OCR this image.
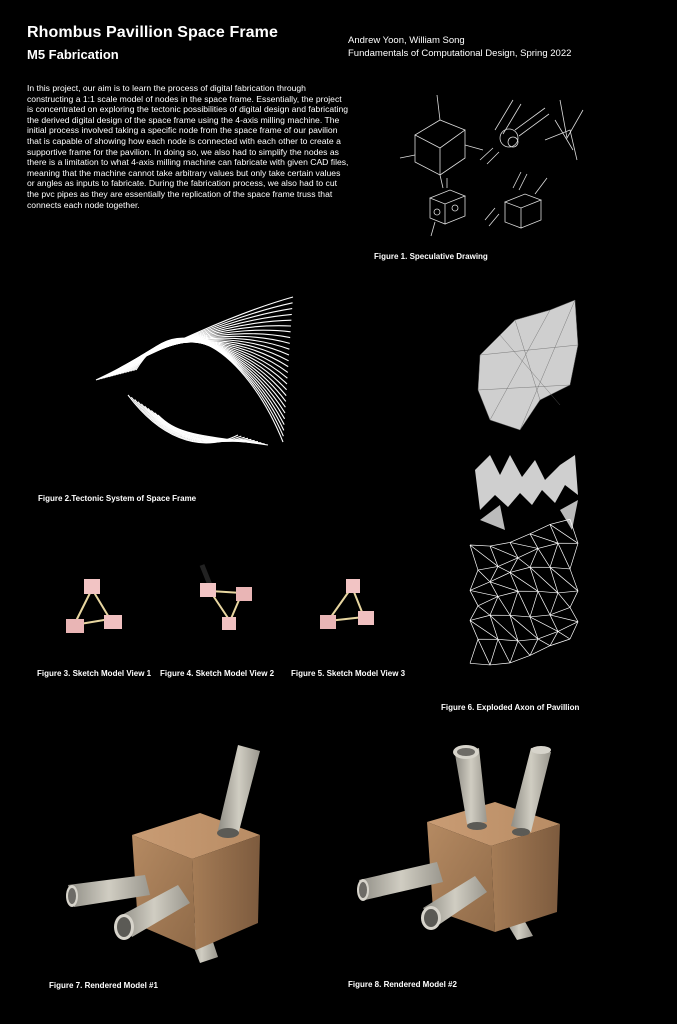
Rhombus Pavillion Space Frame
M5 Fabrication
Andrew Yoon, William Song
Fundamentals of Computational Design, Spring 2022
In this project, our aim is to learn the process of digital fabrication through constructing a 1:1 scale model of nodes in the space frame. Essentially, the project is concentrated on exploring the tectonic possibilities of digital design and fabricating the derived digital design of the space frame using the 4-axis milling machine. The initial process involved taking a specific node from the space frame of our pavilion that is capable of showing how each node is connected with each other to create a supportive frame for the pavilion. In doing so, we also had to simplify the nodes as there is a limitation to what 4-axis milling machine can fabricate with given CAD files, meaning that the machine cannot take arbitrary values but only take certain values or angles as inputs to fabricate. During the fabrication process, we also had to cut the pvc pipes as they are essentially the replication of the space frame truss that connects each node together.
Figure 1. Speculative Drawing
Figure 2.Tectonic System of Space Frame
Figure 6. Exploded Axon of Pavillion
Figure 3. Sketch Model View 1 Figure 4. Sketch Model View 2 Figure 5. Sketch Model View 3
Figure 7. Rendered Model #1	Figure 8. Rendered Model #2
